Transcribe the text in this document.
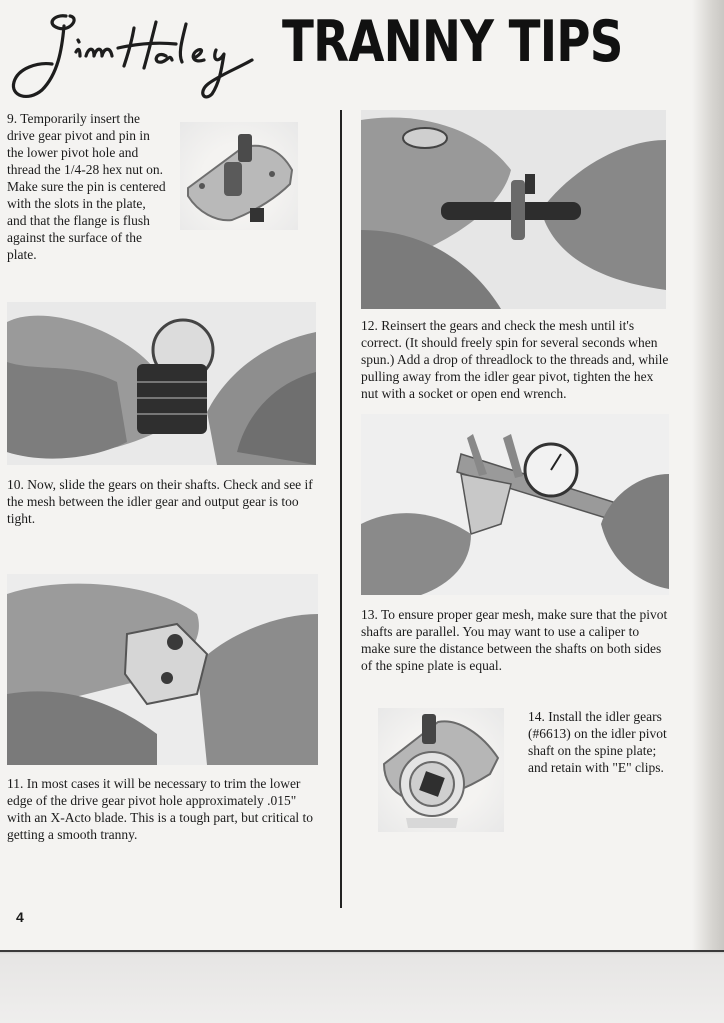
TRANNY TIPS

9. Temporarily insert the drive gear pivot and pin in the lower pivot hole and thread the 1/4-28 hex nut on. Make sure the pin is centered with the slots in the plate, and that the flange is flush against the surface of the plate.

10. Now, slide the gears on their shafts. Check and see if the mesh between the idler gear and output gear is too tight.

11. In most cases it will be necessary to trim the lower edge of the drive gear pivot hole approximately .015" with an X-Acto blade. This is a tough part, but critical to getting a smooth tranny.

12. Reinsert the gears and check the mesh until it's correct. (It should freely spin for several seconds when spun.) Add a drop of threadlock to the threads and, while pulling away from the idler gear pivot, tighten the hex nut with a socket or open end wrench.

13. To ensure proper gear mesh, make sure that the pivot shafts are parallel. You may want to use a caliper to make sure the distance between the shafts on both sides of the spine plate is equal.

14. Install the idler gears (#6613) on the idler pivot shaft on the spine plate; and retain with "E" clips.

4
